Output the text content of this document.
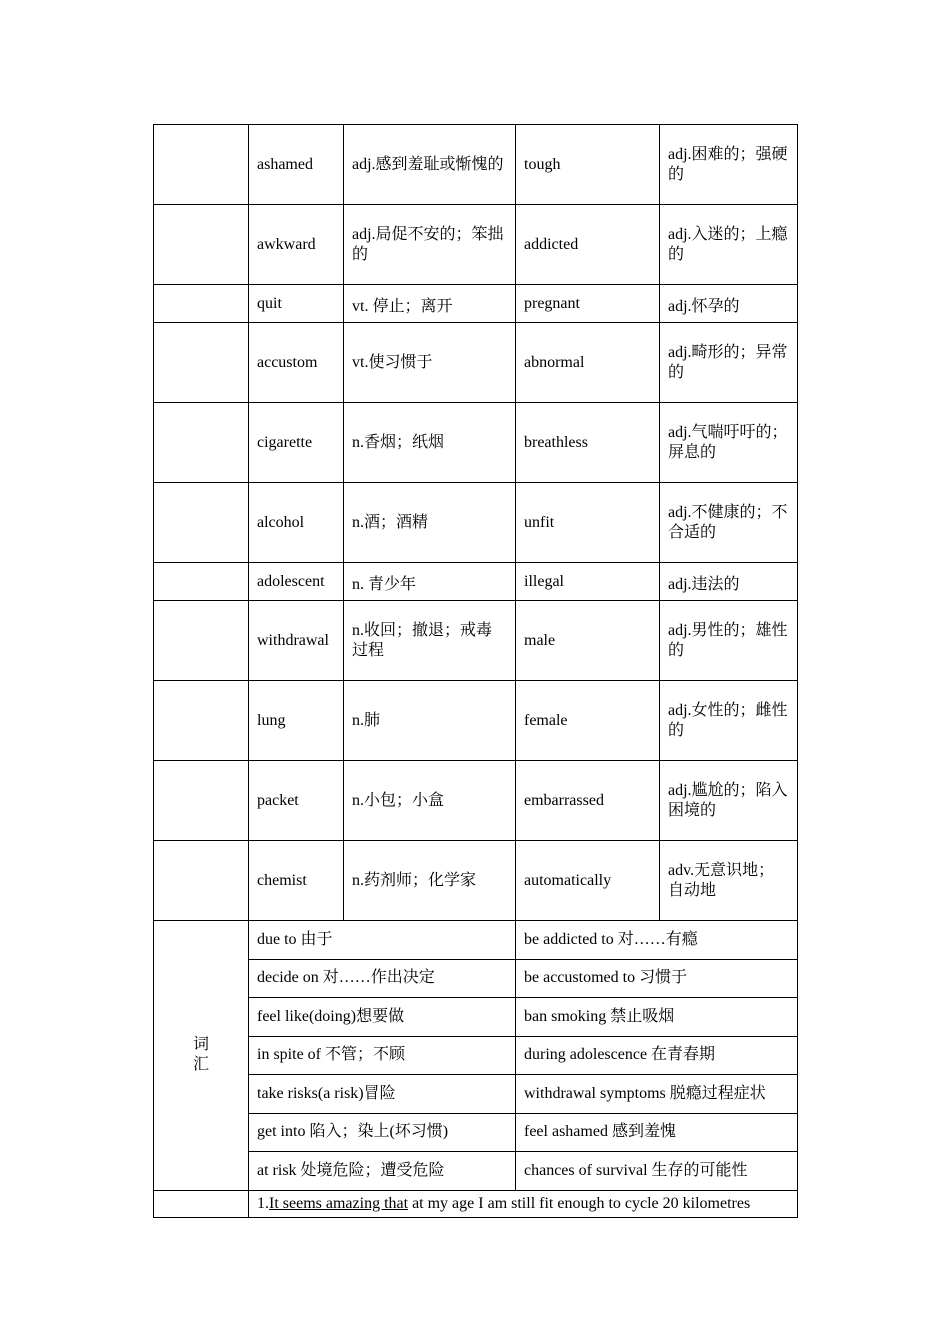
	ashamed	adj.感到羞耻或惭愧的	tough	adj.困难的；强硬的
	awkward	adj.局促不安的；笨拙的	addicted	adj.入迷的；上瘾的
	quit	vt. 停止；离开	pregnant	adj.怀孕的
	accustom	vt.使习惯于	abnormal	adj.畸形的；异常的
	cigarette	n.香烟；纸烟	breathless	adj.气喘吁吁的；屏息的
	alcohol	n.酒；酒精	unfit	adj.不健康的；不合适的
	adolescent	n. 青少年	illegal	adj.违法的
	withdrawal	n.收回；撤退；戒毒过程	male	adj.男性的；雄性的
	lung	n.肺	female	adj.女性的；雌性的
	packet	n.小包；小盒	embarrassed	adj.尴尬的；陷入困境的
	chemist	n.药剂师；化学家	automatically	adv.无意识地；自动地
词汇	due to 由于		be addicted to 对……有瘾	
	decide on 对……作出决定		be accustomed to 习惯于	
	feel like(doing)想要做		ban smoking 禁止吸烟	
	in spite of 不管；不顾		during adolescence 在青春期	
	take risks(a risk)冒险		withdrawal symptoms 脱瘾过程症状	
	get into 陷入；染上(坏习惯)		feel ashamed 感到羞愧	
	at risk 处境危险；遭受危险		chances of survival 生存的可能性	
	1.It seems amazing that at my age I am still fit enough to cycle 20 kilometres			
